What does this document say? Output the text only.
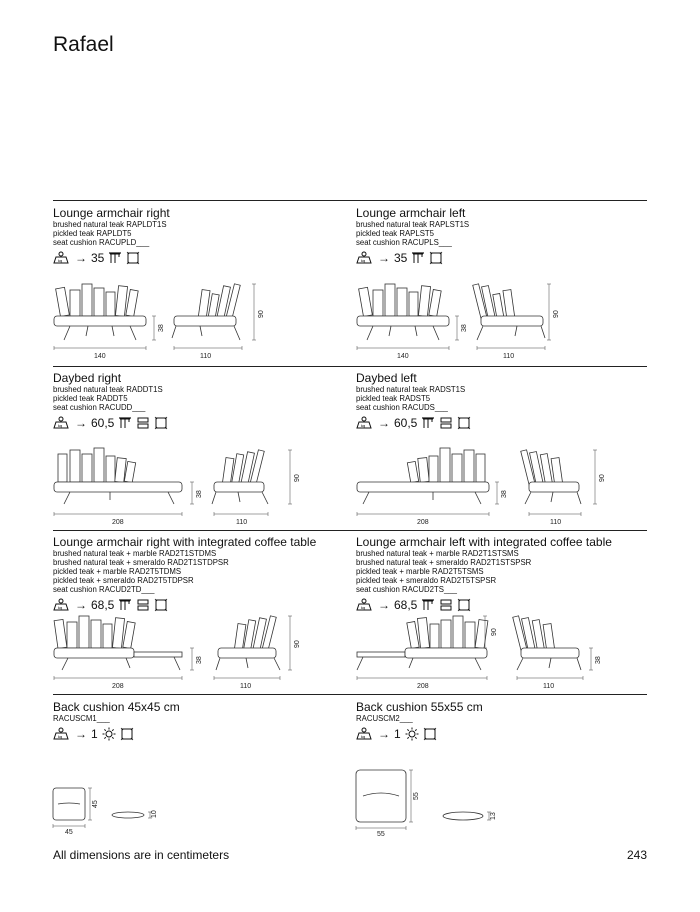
Rafael
Lounge armchair right
brushed natural teak RAPLDT1S
pickled teak RAPLDT5
seat cushion RACUPLD___
kg → 35
Lounge armchair left
brushed natural teak RAPLST1S
pickled teak RAPLST5
seat cushion RACUPLS___
kg → 35
140	110
38
90
140	110
38
90
Daybed right
brushed natural teak RADDT1S
pickled teak RADDT5
seat cushion RACUDD___
kg → 60,5
Daybed left
brushed natural teak RADST1S
pickled teak RADST5
seat cushion RACUDS___
kg → 60,5
208	110
38
90
208	110
38
90
Lounge armchair right with integrated coffee table
brushed natural teak + marble RAD2T1STDMS
brushed natural teak + smeraldo RAD2T1STDPSR
pickled teak + marble RAD2T5TDMS
pickled teak + smeraldo RAD2T5TDPSR
seat cushion RACUD2TD___
kg → 68,5
Lounge armchair left with integrated coffee table
brushed natural teak + marble RAD2T1STSMS
brushed natural teak + smeraldo RAD2T1STSPSR
pickled teak + marble RAD2T5TSMS
pickled teak + smeraldo RAD2T5TSPSR
seat cushion RACUD2TS___
kg → 68,5
208	110
38
90
208	110
90
38
Back cushion 45x45 cm
RACUSCM1___
kg → 1
Back cushion 55x55 cm
RACUSCM2___
kg → 1
45
45
10
55
55
13
All dimensions are in centimeters	243
